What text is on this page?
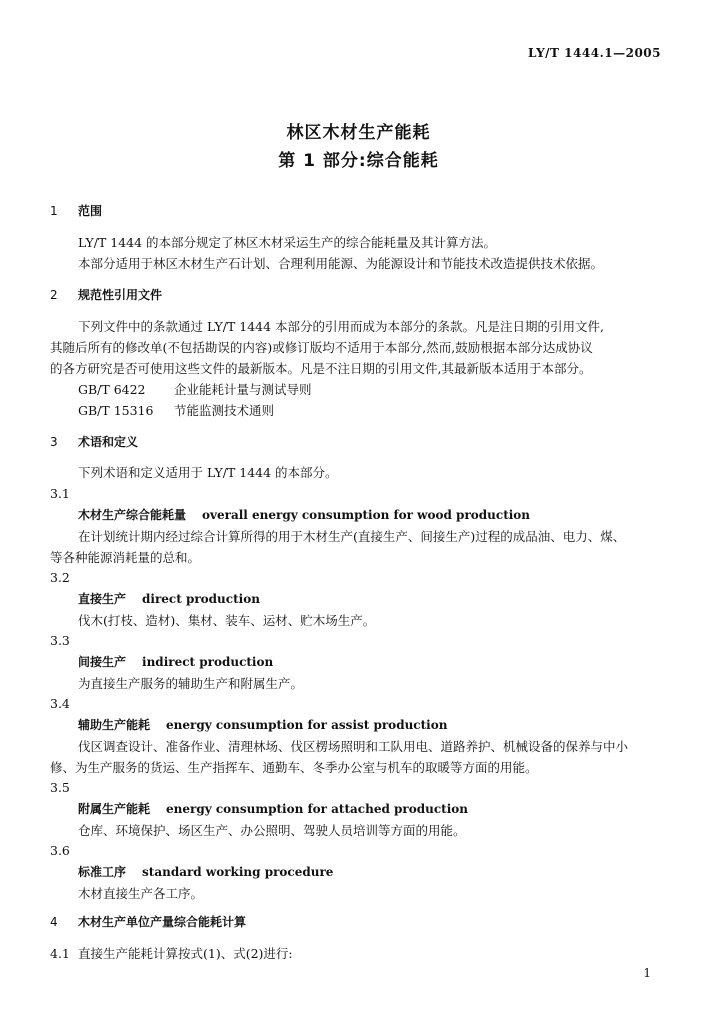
LY/T 1444.1—2005
林区木材生产能耗
第 1 部分:综合能耗
1 范围
LY/T 1444 的本部分规定了林区木材采运生产的综合能耗量及其计算方法。
本部分适用于林区木材生产石计划、合理利用能源、为能源设计和节能技术改造提供技术依据。
2 规范性引用文件
下列文件中的条款通过 LY/T 1444 本部分的引用而成为本部分的条款。凡是注日期的引用文件,
其随后所有的修改单(不包括勘误的内容)或修订版均不适用于本部分,然而,鼓励根据本部分达成协议
的各方研究是否可使用这些文件的最新版本。凡是不注日期的引用文件,其最新版本适用于本部分。
GB/T 6422 企业能耗计量与测试导则
GB/T 15316 节能监测技术通则
3 术语和定义
下列术语和定义适用于 LY/T 1444 的本部分。
3.1
木材生产综合能耗量 overall energy consumption for wood production
在计划统计期内经过综合计算所得的用于木材生产(直接生产、间接生产)过程的成品油、电力、煤、
等各种能源消耗量的总和。
3.2
直接生产 direct production
伐木(打枝、造材)、集材、装车、运材、贮木场生产。
3.3
间接生产 indirect production
为直接生产服务的辅助生产和附属生产。
3.4
辅助生产能耗 energy consumption for assist production
伐区调查设计、准备作业、清理林场、伐区楞场照明和工队用电、道路养护、机械设备的保养与中小
修、为生产服务的货运、生产指挥车、通勤车、冬季办公室与机车的取暖等方面的用能。
3.5
附属生产能耗 energy consumption for attached production
仓库、环境保护、场区生产、办公照明、驾驶人员培训等方面的用能。
3.6
标准工序 standard working procedure
木材直接生产各工序。
4 木材生产单位产量综合能耗计算
4.1 直接生产能耗计算按式(1)、式(2)进行:
1
